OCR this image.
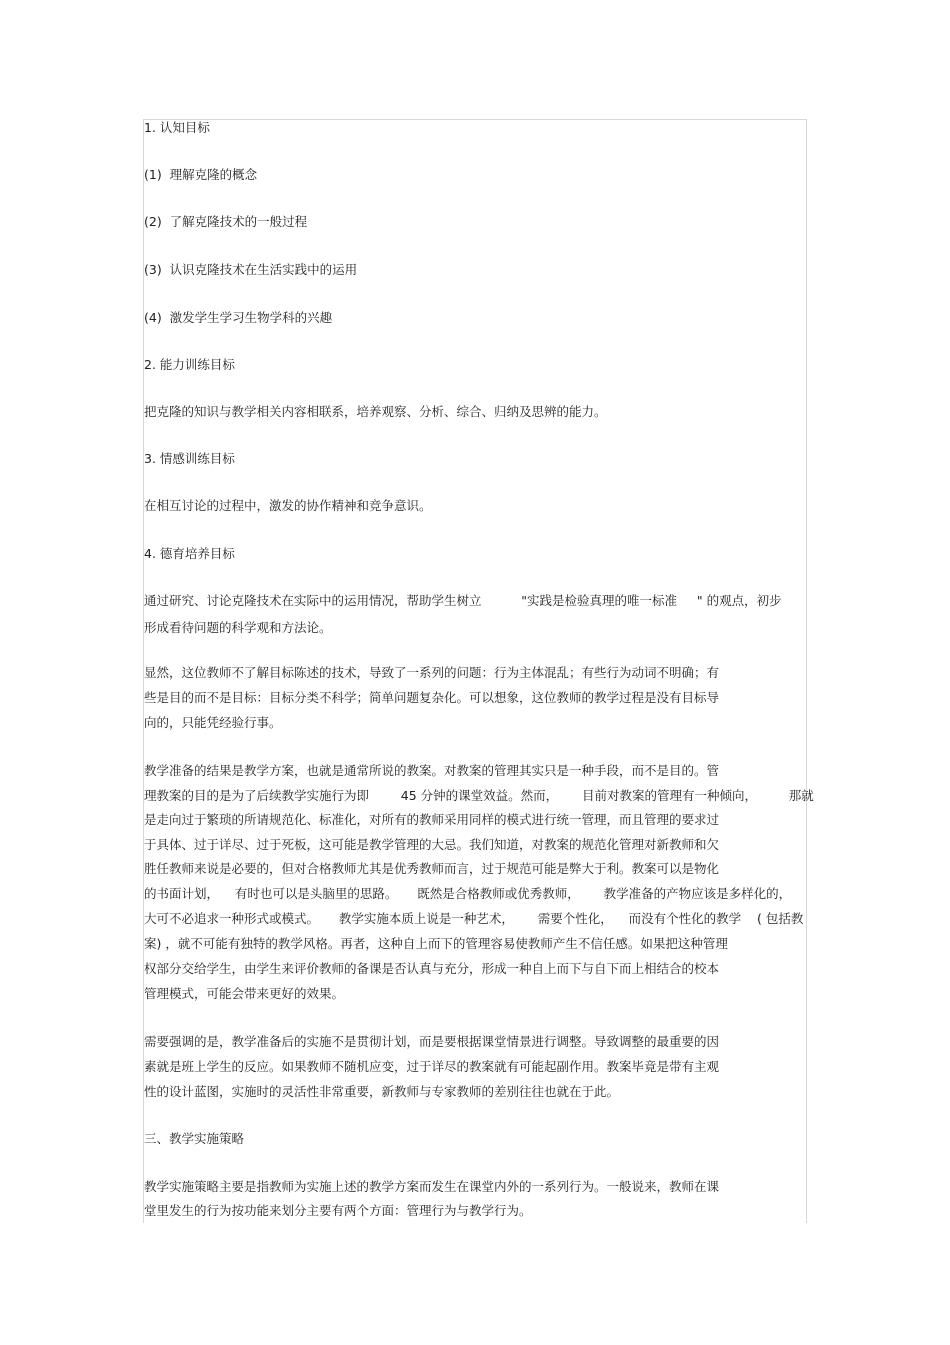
1. 认知目标
(1)  理解克隆的概念
(2)  了解克隆技术的一般过程
(3)  认识克隆技术在生活实践中的运用
(4)  激发学生学习生物学科的兴趣
2. 能力训练目标
把克隆的知识与教学相关内容相联系，培养观察、分析、综合、归纳及思辨的能力。
3. 情感训练目标
在相互讨论的过程中，激发的协作精神和竞争意识。
4. 德育培养目标
通过研究、讨论克隆技术在实际中的运用情况，帮助学生树立          "实践是检验真理的唯一标准     " 的观点，初步
形成看待问题的科学观和方法论。
显然，这位教师不了解目标陈述的技术，导致了一系列的问题：行为主体混乱；有些行为动词不明确；有
些是目的而不是目标：目标分类不科学；简单问题复杂化。可以想象，这位教师的教学过程是没有目标导
向的，只能凭经验行事。
教学准备的结果是教学方案，也就是通常所说的教案。对教案的管理其实只是一种手段，而不是目的。管
理教案的目的是为了后续教学实施行为即        45 分钟的课堂效益。然而，      目前对教案的管理有一种倾向，        那就
是走向过于繁琐的所请规范化、标准化，对所有的教师采用同样的模式进行统一管理，而且管理的要求过
于具体、过于详尽、过于死板，这可能是教学管理的大忌。我们知道，对教案的规范化管理对新教师和欠
胜任教师来说是必要的，但对合格教师尤其是优秀教师而言，过于规范可能是弊大于利。教案可以是物化
的书面计划，    有时也可以是头脑里的思路。     既然是合格教师或优秀教师，      教学准备的产物应该是多样化的，
大可不必追求一种形式或模式。     教学实施本质上说是一种艺术，      需要个性化，    而没有个性化的教学    ( 包括教
案) ，就不可能有独特的教学风格。再者，这种自上而下的管理容易使教师产生不信任感。如果把这种管理
权部分交给学生，由学生来评价教师的备课是否认真与充分，形成一种自上而下与自下而上相结合的校本
管理模式，可能会带来更好的效果。
需要强调的是，教学准备后的实施不是贯彻计划，而是要根据课堂情景进行调整。导致调整的最重要的因
素就是班上学生的反应。如果教师不随机应变，过于详尽的教案就有可能起副作用。教案毕竟是带有主观
性的设计蓝图，实施时的灵活性非常重要，新教师与专家教师的差别往往也就在于此。
三、教学实施策略
教学实施策略主要是指教师为实施上述的教学方案而发生在课堂内外的一系列行为。一般说来，教师在课
堂里发生的行为按功能来划分主要有两个方面：管理行为与教学行为。
